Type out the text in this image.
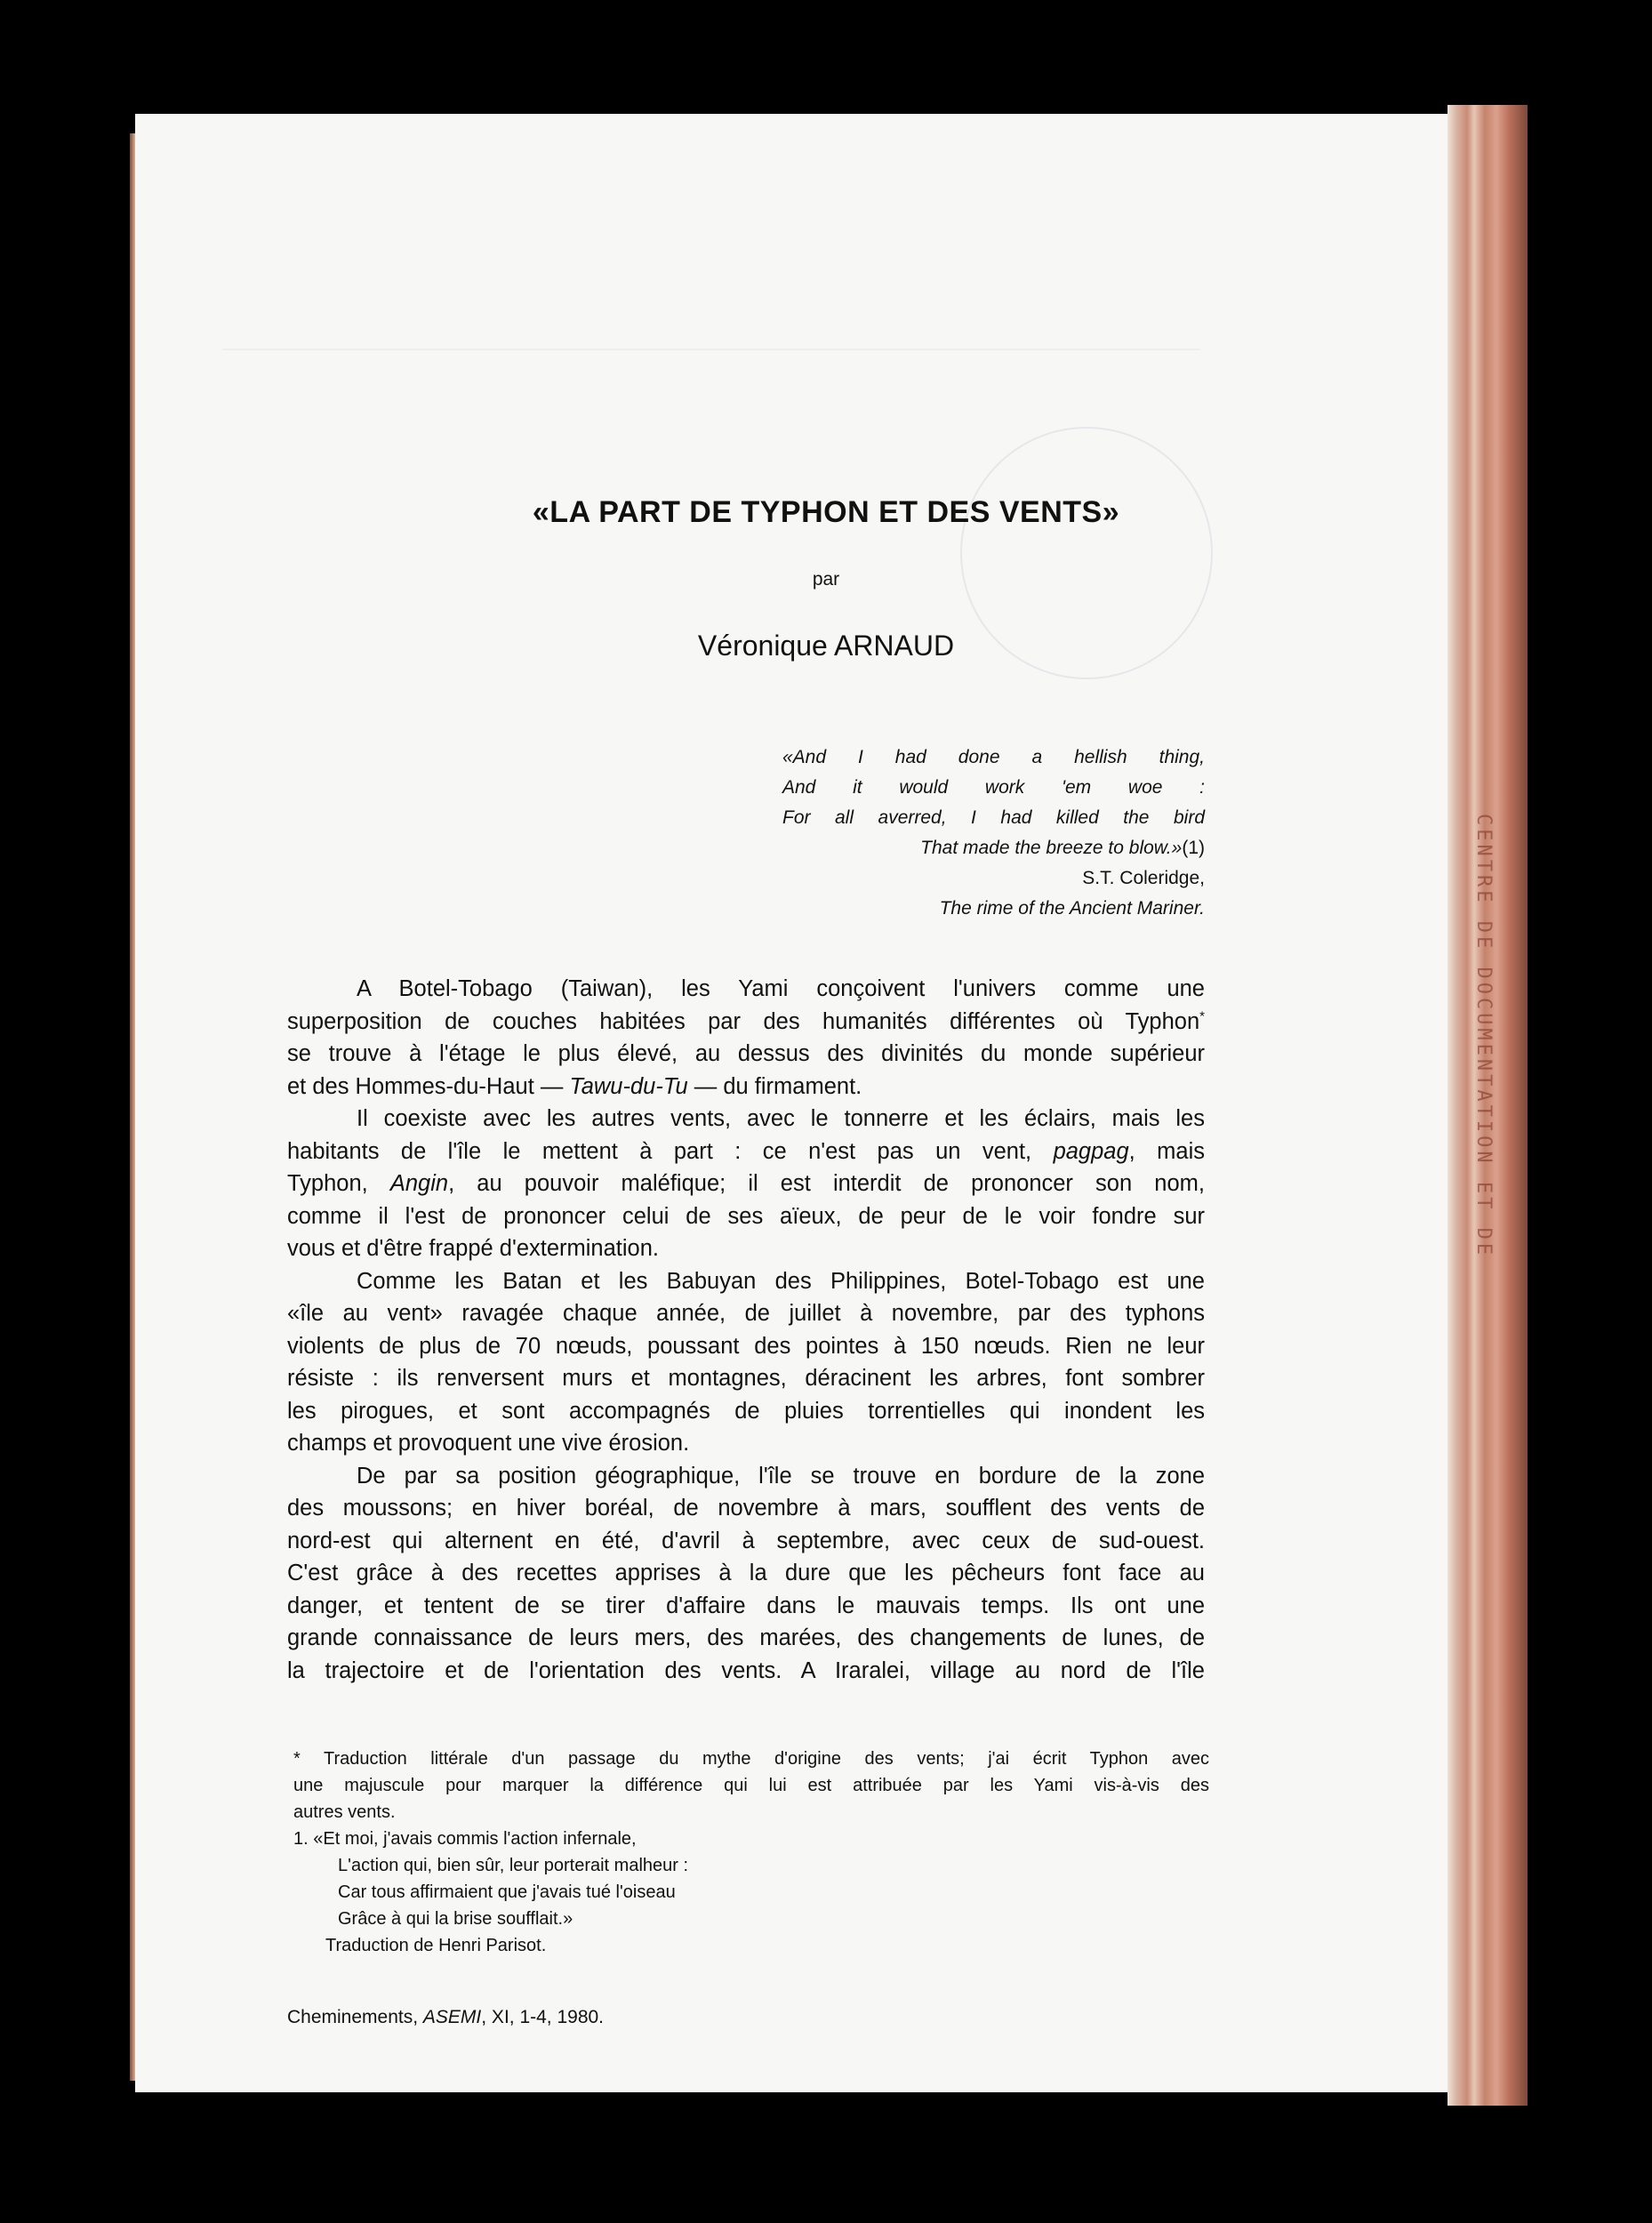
CENTRE DE DOCUMENTATION ET DE
«LA PART DE TYPHON ET DES VENTS»
par
Véronique ARNAUD
«And I had done a hellish thing,
And it would work 'em woe :
For all averred, I had killed the bird
That made the breeze to blow.»(1)
S.T. Coleridge,
The rime of the Ancient Mariner.
A Botel-Tobago (Taiwan), les Yami conçoivent l'univers comme une
superposition de couches habitées par des humanités différentes où Typhon*
se trouve à l'étage le plus élevé, au dessus des divinités du monde supérieur
et des Hommes-du-Haut — Tawu-du-Tu — du firmament.
Il coexiste avec les autres vents, avec le tonnerre et les éclairs, mais les
habitants de l'île le mettent à part : ce n'est pas un vent, pagpag, mais
Typhon, Angin, au pouvoir maléfique; il est interdit de prononcer son nom,
comme il l'est de prononcer celui de ses aïeux, de peur de le voir fondre sur
vous et d'être frappé d'extermination.
Comme les Batan et les Babuyan des Philippines, Botel-Tobago est une
«île au vent» ravagée chaque année, de juillet à novembre, par des typhons
violents de plus de 70 nœuds, poussant des pointes à 150 nœuds. Rien ne leur
résiste : ils renversent murs et montagnes, déracinent les arbres, font sombrer
les pirogues, et sont accompagnés de pluies torrentielles qui inondent les
champs et provoquent une vive érosion.
De par sa position géographique, l'île se trouve en bordure de la zone
des moussons; en hiver boréal, de novembre à mars, soufflent des vents de
nord-est qui alternent en été, d'avril à septembre, avec ceux de sud-ouest.
C'est grâce à des recettes apprises à la dure que les pêcheurs font face au
danger, et tentent de se tirer d'affaire dans le mauvais temps. Ils ont une
grande connaissance de leurs mers, des marées, des changements de lunes, de
la trajectoire et de l'orientation des vents. A Iraralei, village au nord de l'île
* Traduction littérale d'un passage du mythe d'origine des vents; j'ai écrit Typhon avec
une majuscule pour marquer la différence qui lui est attribuée par les Yami vis-à-vis des
autres vents.
1. «Et moi, j'avais commis l'action infernale,
L'action qui, bien sûr, leur porterait malheur :
Car tous affirmaient que j'avais tué l'oiseau
Grâce à qui la brise soufflait.»
Traduction de Henri Parisot.
Cheminements, ASEMI, XI, 1-4, 1980.
